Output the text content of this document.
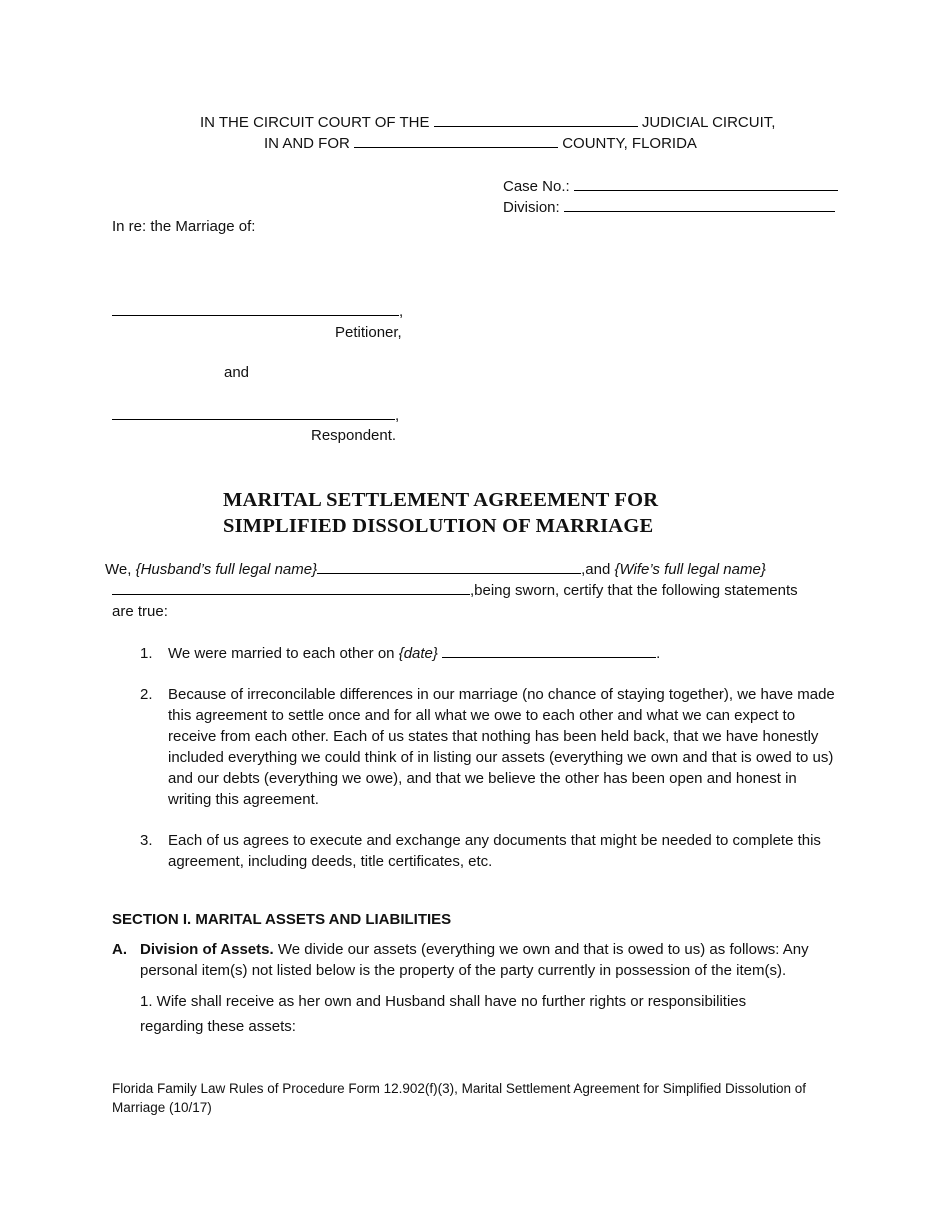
IN THE CIRCUIT COURT OF THE	JUDICIAL CIRCUIT,
IN AND FOR	COUNTY, FLORIDA
Case No.:
Division:
In re: the Marriage of:
,
Petitioner,
and
,
Respondent.
MARITAL SETTLEMENT AGREEMENT FOR
SIMPLIFIED DISSOLUTION OF MARRIAGE
We, {Husband’s full legal name}	,and {Wife’s full legal name}
,being sworn, certify that the following statements
are true:
1. We were married to each other on {date}	.
2. Because of irreconcilable differences in our marriage (no chance of staying together), we have made this agreement to settle once and for all what we owe to each other and what we can expect to receive from each other. Each of us states that nothing has been held back, that we have honestly included everything we could think of in listing our assets (everything we own and that is owed to us) and our debts (everything we owe), and that we believe the other has been open and honest in writing this agreement.
3. Each of us agrees to execute and exchange any documents that might be needed to complete this agreement, including deeds, title certificates, etc.
SECTION I. MARITAL ASSETS AND LIABILITIES
A. Division of Assets. We divide our assets (everything we own and that is owed to us) as follows: Any personal item(s) not listed below is the property of the party currently in possession of the item(s).
1. Wife shall receive as her own and Husband shall have no further rights or responsibilities regarding these assets:
Florida Family Law Rules of Procedure Form 12.902(f)(3), Marital Settlement Agreement for Simplified Dissolution of Marriage (10/17)
